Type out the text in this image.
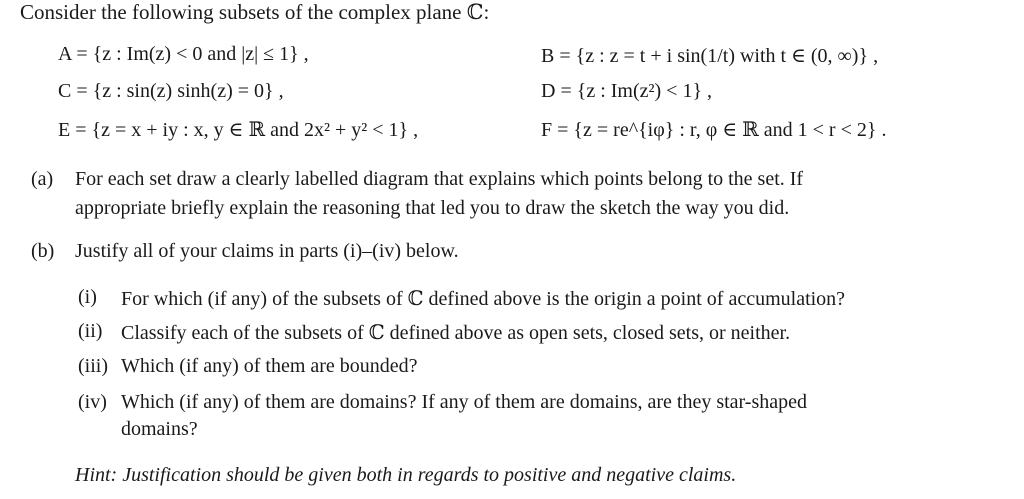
Consider the following subsets of the complex plane ℂ:
A = {z : Im(z) < 0 and |z| ≤ 1} ,	B = {z : z = t + i sin(1/t) with t ∈ (0, ∞)} ,
C = {z : sin(z) sinh(z) = 0} ,	D = {z : Im(z²) < 1} ,
E = {z = x + iy : x, y ∈ ℝ and 2x² + y² < 1} ,	F = {z = re^{iφ} : r, φ ∈ ℝ and 1 < r < 2} .
(a) For each set draw a clearly labelled diagram that explains which points belong to the set. If
appropriate briefly explain the reasoning that led you to draw the sketch the way you did.
(b) Justify all of your claims in parts (i)–(iv) below.
(i) For which (if any) of the subsets of ℂ defined above is the origin a point of accumulation?
(ii) Classify each of the subsets of ℂ defined above as open sets, closed sets, or neither.
(iii) Which (if any) of them are bounded?
(iv) Which (if any) of them are domains? If any of them are domains, are they star-shaped
domains?
Hint: Justification should be given both in regards to positive and negative claims.
